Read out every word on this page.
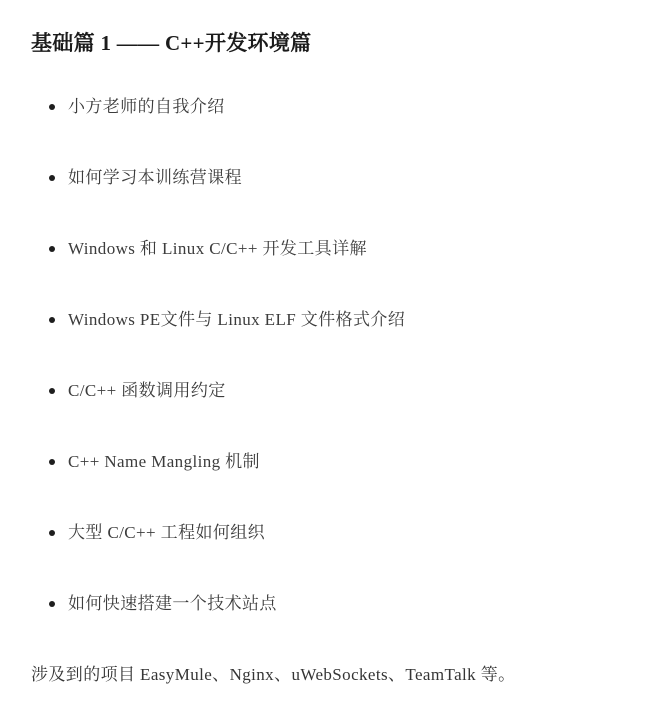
基础篇 1 —— C++开发环境篇
小方老师的自我介绍
如何学习本训练营课程
Windows 和 Linux C/C++ 开发工具详解
Windows PE文件与 Linux ELF 文件格式介绍
C/C++ 函数调用约定
C++ Name Mangling 机制
大型 C/C++ 工程如何组织
如何快速搭建一个技术站点

涉及到的项目 EasyMule、Nginx、uWebSockets、TeamTalk 等。
